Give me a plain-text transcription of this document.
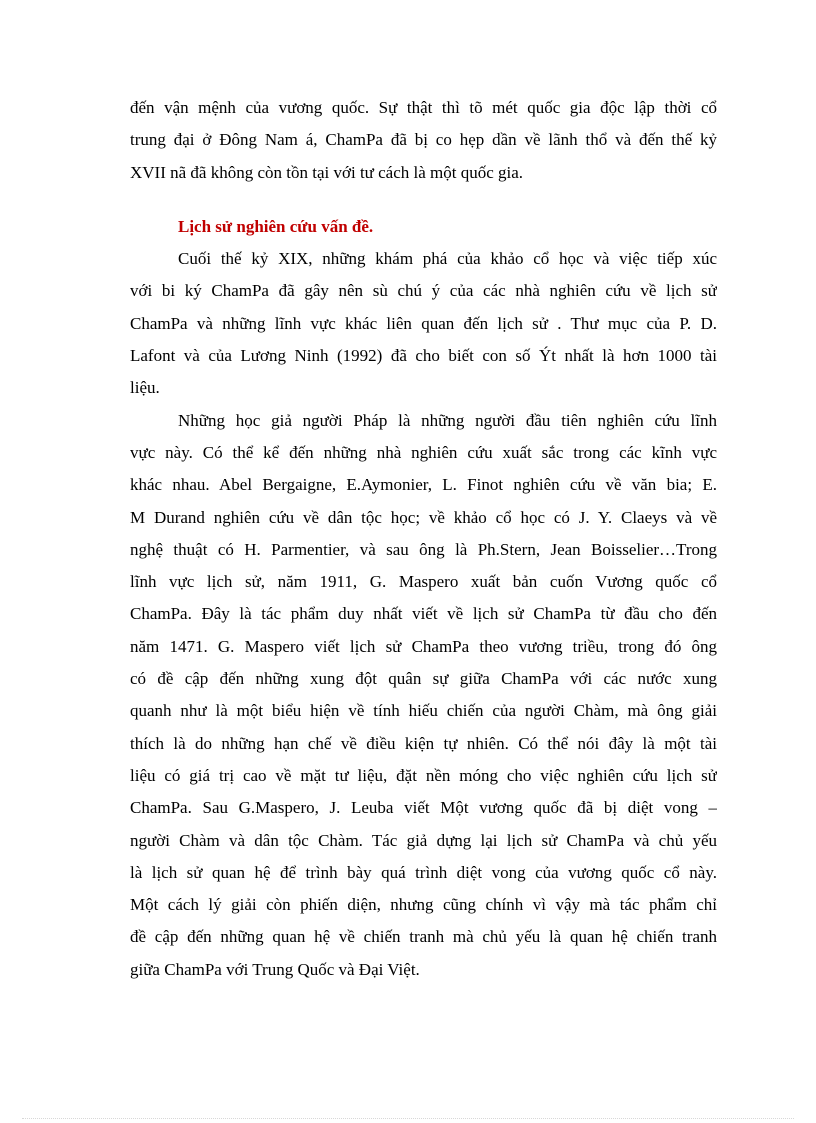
đến vận mệnh của vương quốc. Sự thật thì tõ mét quốc gia độc lập thời cổ
trung đại ở Đông Nam á, ChamPa đã bị co hẹp dần về lãnh thổ và đến thế kỷ
XVII nã đã không còn tồn tại với tư cách là một quốc gia.
Lịch sử nghiên cứu vấn đề.
Cuối thế kỷ XIX, những khám phá của khảo cổ học và việc tiếp xúc
với bi ký ChamPa đã gây nên sù chú ý của các nhà nghiên cứu về lịch sử
ChamPa và những lĩnh vực khác liên quan đến lịch sử . Thư mục của P. D.
Lafont và của Lương Ninh (1992) đã cho biết con số Ýt nhất là hơn 1000 tài
liệu.
Những học giả người Pháp là những người đầu tiên nghiên cứu lĩnh
vực này. Có thể kể đến những nhà nghiên cứu xuất sắc trong các kĩnh vực
khác nhau. Abel Bergaigne, E.Aymonier, L. Finot nghiên cứu về văn bia; E.
M Durand nghiên cứu về dân tộc học; về khảo cổ học có J. Y. Claeys và về
nghệ thuật có H. Parmentier, và sau ông là Ph.Stern, Jean Boisselier…Trong
lĩnh vực lịch sử, năm 1911, G. Maspero xuất bản cuốn Vương quốc cổ
ChamPa. Đây là tác phẩm duy nhất viết về lịch sử ChamPa từ đầu cho đến
năm 1471. G. Maspero viết lịch sử ChamPa theo vương triều, trong đó ông
có đề cập đến những xung đột quân sự giữa ChamPa với các nước xung
quanh như là một biểu hiện về tính hiếu chiến của người Chàm, mà ông giải
thích là do những hạn chế về điều kiện tự nhiên. Có thể nói đây là một tài
liệu có giá trị cao về mặt tư liệu, đặt nền móng cho việc nghiên cứu lịch sử
ChamPa. Sau G.Maspero, J. Leuba viết Một vương quốc đã bị diệt vong –
người Chàm và dân tộc Chàm. Tác giả dựng lại lịch sử ChamPa và chủ yếu
là lịch sử quan hệ để trình bày quá trình diệt vong của vương quốc cổ này.
Một cách lý giải còn phiến diện, nhưng cũng chính vì vậy mà tác phẩm chỉ
đề cập đến những quan hệ về chiến tranh mà chủ yếu là quan hệ chiến tranh
giữa ChamPa với Trung Quốc và Đại Việt.
